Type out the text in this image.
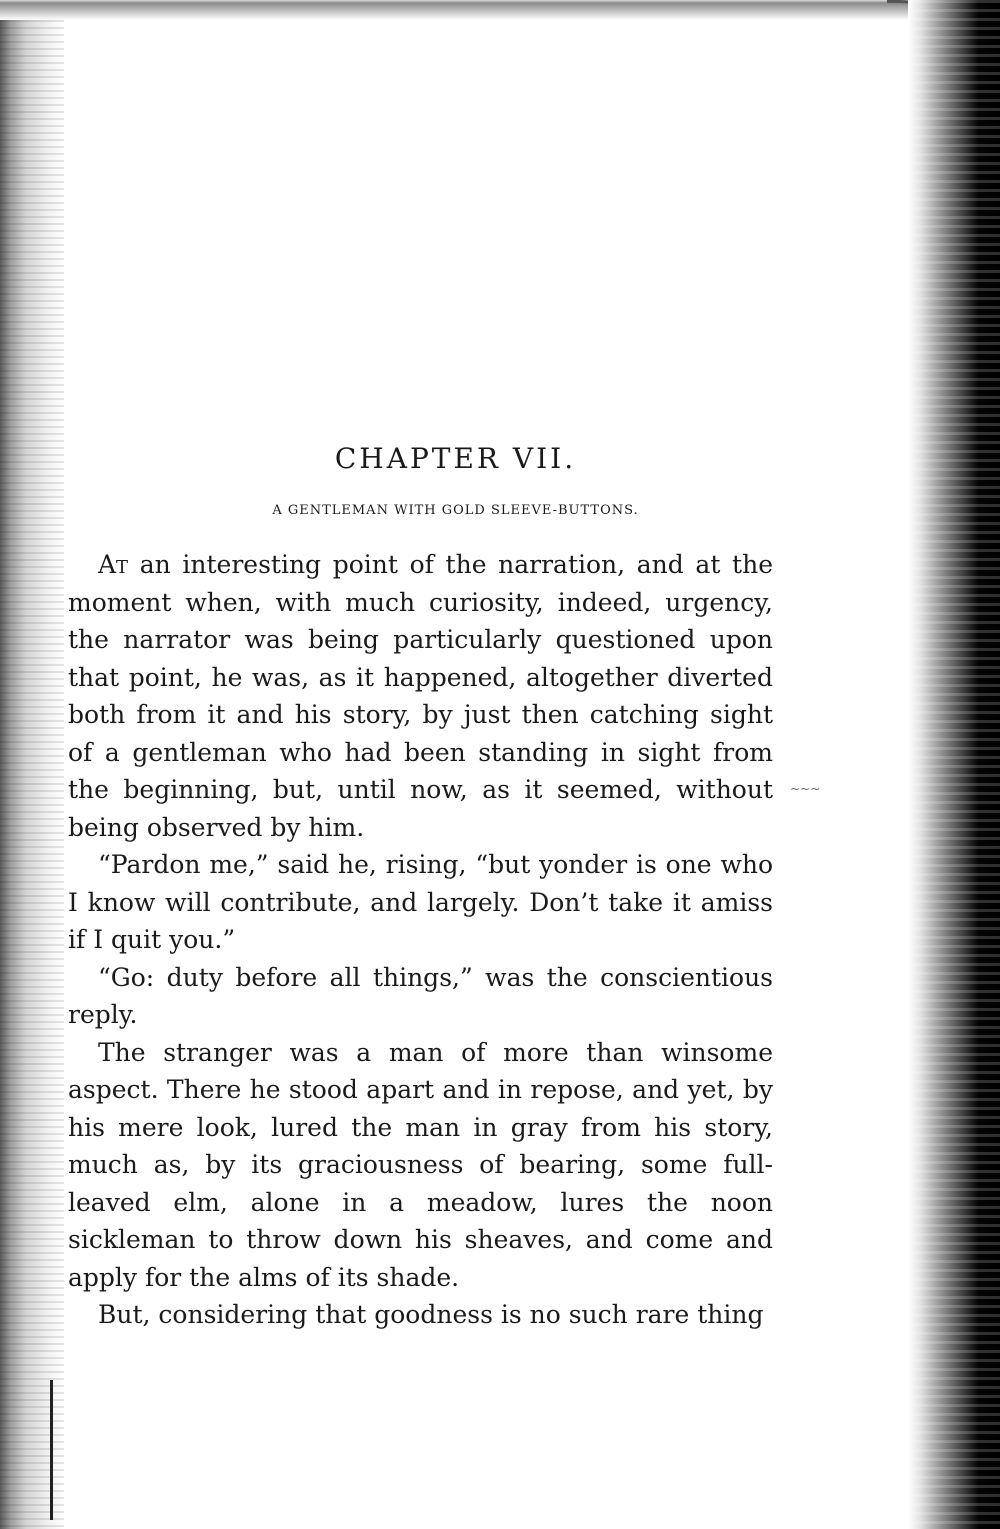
~~~
CHAPTER VII.
A GENTLEMAN WITH GOLD SLEEVE-BUTTONS.

At an interesting point of the narration, and at the moment when, with much curiosity, indeed, urgency, the narrator was being particularly questioned upon that point, he was, as it happened, altogether diverted both from it and his story, by just then catching sight of a gentleman who had been standing in sight from the beginning, but, until now, as it seemed, without being observed by him.

“Pardon me,” said he, rising, “but yonder is one who I know will contribute, and largely. Don’t take it amiss if I quit you.”

“Go: duty before all things,” was the conscientious reply.

The stranger was a man of more than winsome aspect. There he stood apart and in repose, and yet, by his mere look, lured the man in gray from his story, much as, by its graciousness of bearing, some full-leaved elm, alone in a meadow, lures the noon sickleman to throw down his sheaves, and come and apply for the alms of its shade.

But, considering that goodness is no such rare thing
